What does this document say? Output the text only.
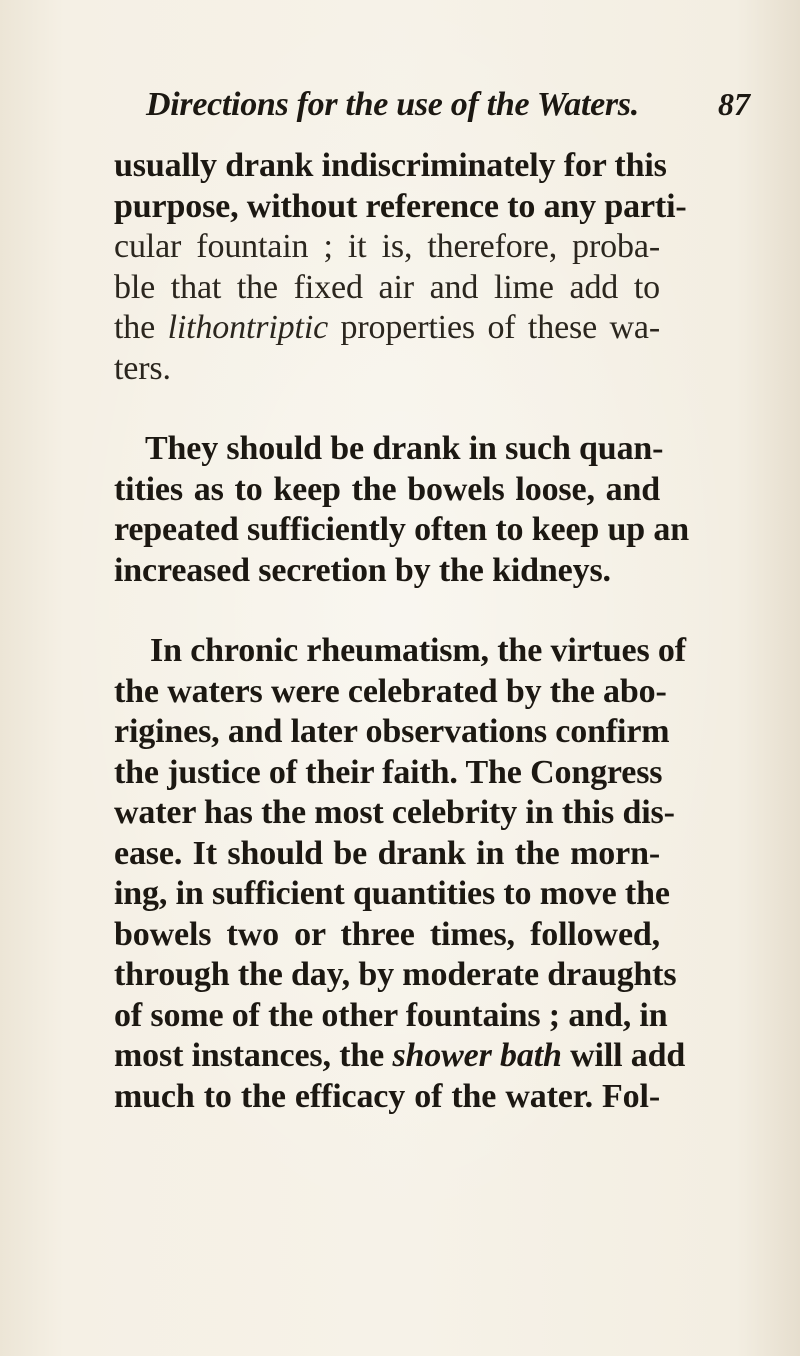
Directions for the use of the Waters. 87

usually drank indiscriminately for this
purpose, without reference to any parti-
cular fountain ; it is, therefore, proba-
ble that the fixed air and lime add to
the lithontriptic properties of these wa-
ters.

They should be drank in such quan-
tities as to keep the bowels loose, and
repeated sufficiently often to keep up an
increased secretion by the kidneys.

In chronic rheumatism, the virtues of
the waters were celebrated by the abo-
rigines, and later observations confirm
the justice of their faith. The Congress
water has the most celebrity in this dis-
ease. It should be drank in the morn-
ing, in sufficient quantities to move the
bowels two or three times, followed,
through the day, by moderate draughts
of some of the other fountains ; and, in
most instances, the shower bath will add
much to the efficacy of the water. Fol-
